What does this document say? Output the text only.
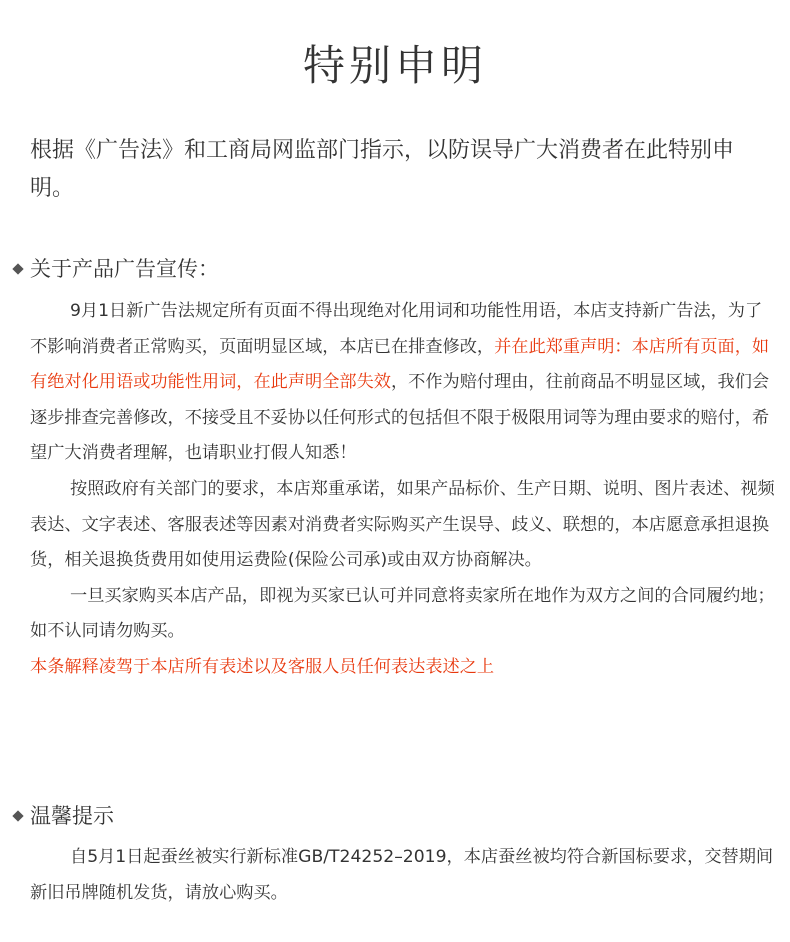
特别申明

根据《广告法》和工商局网监部门指示，以防误导广大消费者在此特别申明。

关于产品广告宣传：

9月1日新广告法规定所有页面不得出现绝对化用词和功能性用语，本店支持新广告法，为了不影响消费者正常购买，页面明显区域，本店已在排查修改，并在此郑重声明：本店所有页面，如有绝对化用语或功能性用词，在此声明全部失效，不作为赔付理由，往前商品不明显区域，我们会逐步排查完善修改，不接受且不妥协以任何形式的包括但不限于极限用词等为理由要求的赔付，希望广大消费者理解，也请职业打假人知悉！

按照政府有关部门的要求，本店郑重承诺，如果产品标价、生产日期、说明、图片表述、视频表达、文字表述、客服表述等因素对消费者实际购买产生误导、歧义、联想的，本店愿意承担退换货，相关退换货费用如使用运费险(保险公司承)或由双方协商解决。

一旦买家购买本店产品，即视为买家已认可并同意将卖家所在地作为双方之间的合同履约地；如不认同请勿购买。

本条解释凌驾于本店所有表述以及客服人员任何表达表述之上

温馨提示

自5月1日起蚕丝被实行新标准GB/T24252–2019，本店蚕丝被均符合新国标要求，交替期间新旧吊牌随机发货，请放心购买。
